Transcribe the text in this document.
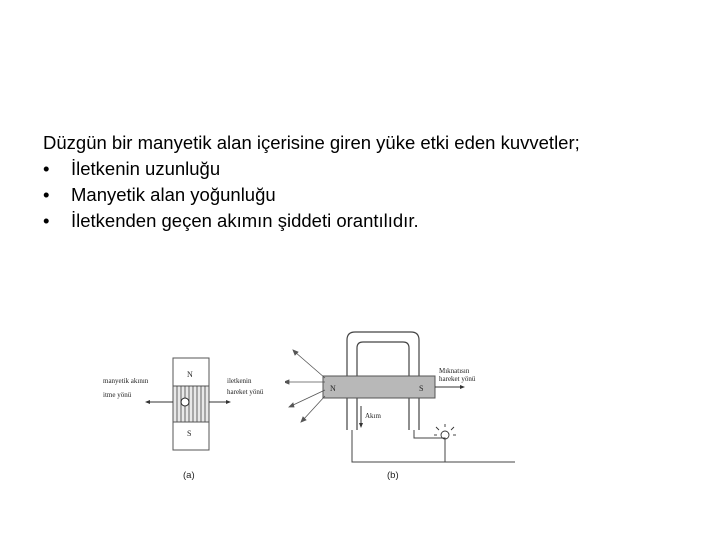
Düzgün bir manyetik alan içerisine giren yüke etki eden kuvvetler;

•	İletkenin uzunluğu
•	Manyetik alan yoğunluğu
•	İletkenden geçen akımın şiddeti orantılıdır.
N
S
manyetik akının
itme yönü
iletkenin
hareket yönü
(a)
N	S
Mıknatısın
hareket yönü
Akım
(b)
